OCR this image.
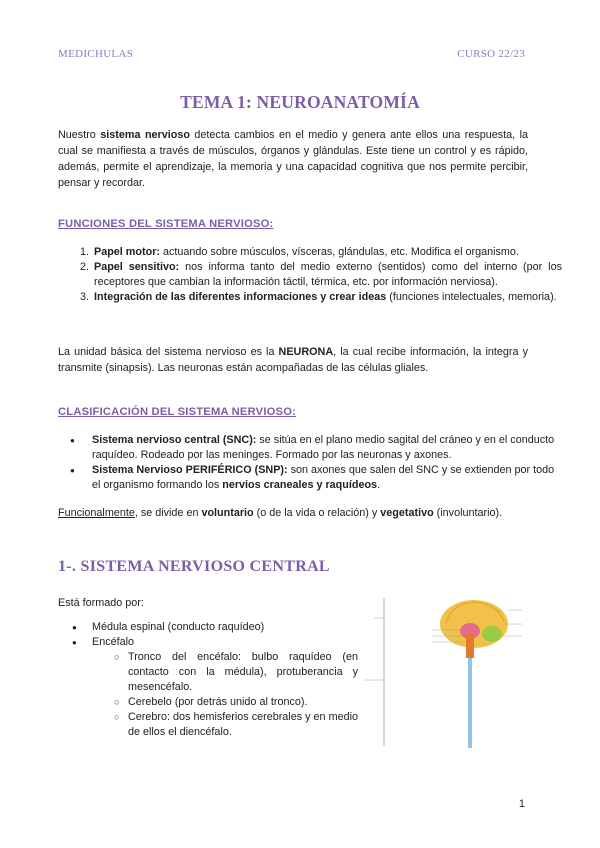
MEDICHULAS	CURSO 22/23
TEMA 1: NEUROANATOMÍA
Nuestro sistema nervioso detecta cambios en el medio y genera ante ellos una respuesta, la cual se manifiesta a través de músculos, órganos y glándulas. Este tiene un control y es rápido, además, permite el aprendizaje, la memoria y una capacidad cognitiva que nos permite percibir, pensar y recordar.
FUNCIONES DEL SISTEMA NERVIOSO:
1. Papel motor: actuando sobre músculos, vísceras, glándulas, etc. Modifica el organismo.
2. Papel sensitivo: nos informa tanto del medio externo (sentidos) como del interno (por los receptores que cambian la información táctil, térmica, etc. por información nerviosa).
3. Integración de las diferentes informaciones y crear ideas (funciones intelectuales, memoria).
La unidad básica del sistema nervioso es la NEURONA, la cual recibe información, la integra y transmite (sinapsis). Las neuronas están acompañadas de las células gliales.
CLASIFICACIÓN DEL SISTEMA NERVIOSO:
● Sistema nervioso central (SNC): se sitúa en el plano medio sagital del cráneo y en el conducto raquídeo. Rodeado por las meninges. Formado por las neuronas y axones.
● Sistema Nervioso PERIFÉRICO (SNP): son axones que salen del SNC y se extienden por todo el organismo formando los nervios craneales y raquídeos.
Funcionalmente, se divide en voluntario (o de la vida o relación) y vegetativo (involuntario).
1-. SISTEMA NERVIOSO CENTRAL
Está formado por:
● Médula espinal (conducto raquídeo)
● Encéfalo
○ Tronco del encéfalo: bulbo raquídeo (en contacto con la médula), protuberancia y mesencéfalo.
○ Cerebelo (por detrás unido al tronco).
○ Cerebro: dos hemisferios cerebrales y en medio de ellos el diencéfalo.
1
